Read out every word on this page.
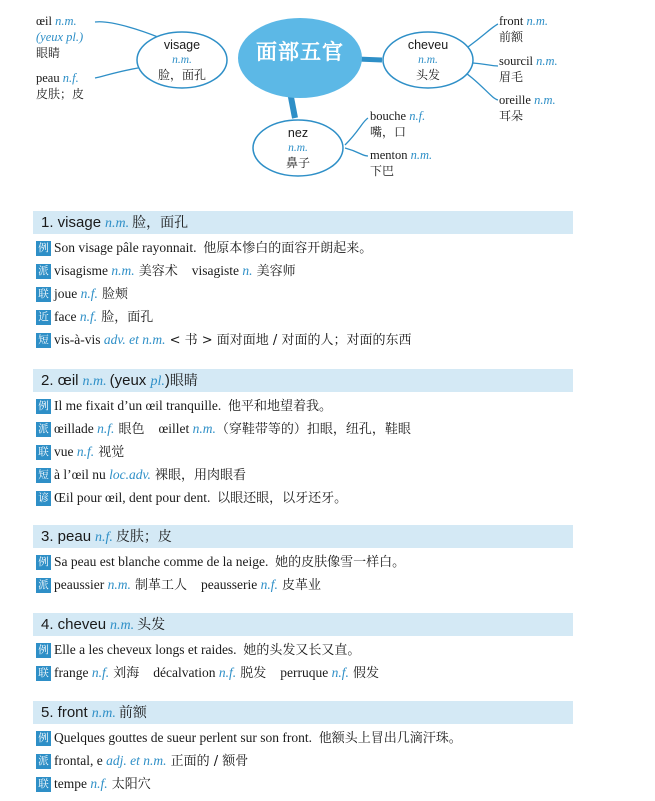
面部五官
visage
n.m.
脸，面孔
cheveu
n.m.
头发
nez
n.m.
鼻子
œil n.m.
(yeux pl.)
眼睛
peau n.f.
皮肤；皮
front n.m.
前额
sourcil n.m.
眉毛
oreille n.m.
耳朵
bouche n.f.
嘴，口
menton n.m.
下巴
1. visage n.m. 脸，面孔
例 Son visage pâle rayonnait.  他原本惨白的面容开朗起来。
派 visagisme n.m. 美容术 visagiste n. 美容师
联 joue n.f. 脸颊
近 face n.f. 脸，面孔
短 vis-à-vis adv. et n.m. < 书 > 面对面地 / 对面的人；对面的东西
2. œil n.m. (yeux pl.)眼睛
例 Il me fixait d’un œil tranquille.  他平和地望着我。
派 œillade n.f. 眼色 œillet n.m.（穿鞋带等的）扣眼，纽孔，鞋眼
联 vue n.f. 视觉
短 à l’œil nu loc.adv. 裸眼，用肉眼看
谚 Œil pour œil, dent pour dent.  以眼还眼，以牙还牙。
3. peau n.f. 皮肤；皮
例 Sa peau est blanche comme de la neige.  她的皮肤像雪一样白。
派 peaussier n.m. 制革工人 peausserie n.f. 皮革业
4. cheveu n.m. 头发
例 Elle a les cheveux longs et raides.  她的头发又长又直。
联 frange n.f. 刘海 décalvation n.f. 脱发 perruque n.f. 假发
5. front n.m. 前额
例 Quelques gouttes de sueur perlent sur son front.  他额头上冒出几滴汗珠。
派 frontal, e adj. et n.m. 正面的 / 额骨
联 tempe n.f. 太阳穴
